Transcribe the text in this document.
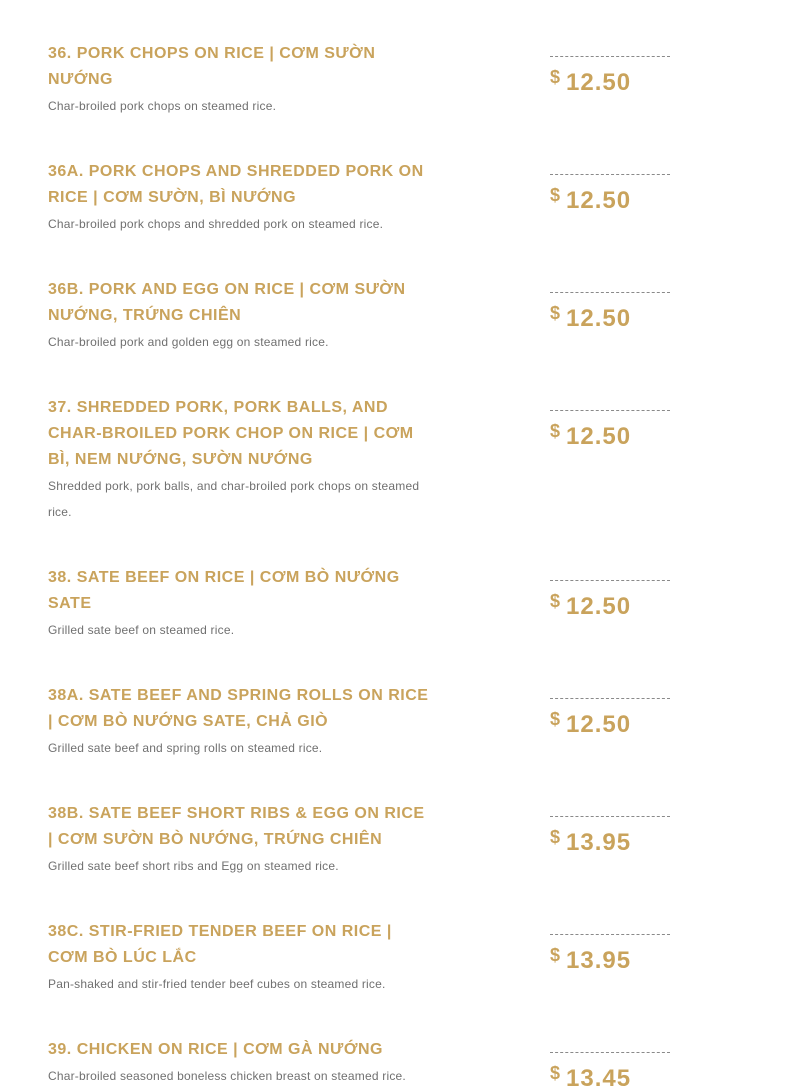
36. PORK CHOPS ON RICE | CƠM SƯỜN NƯỚNG

Char-broiled pork chops on steamed rice.

$ 12.50
36A. PORK CHOPS AND SHREDDED PORK ON RICE | CƠM SƯỜN, BÌ NƯỚNG

Char-broiled pork chops and shredded pork on steamed rice.

$ 12.50
36B. PORK AND EGG ON RICE | CƠM SƯỜN NƯỚNG, TRỨNG CHIÊN

Char-broiled pork and golden egg on steamed rice.

$ 12.50
37. SHREDDED PORK, PORK BALLS, AND CHAR-BROILED PORK CHOP ON RICE | CƠM BÌ, NEM NƯỚNG, SƯỜN NƯỚNG

Shredded pork, pork balls, and char-broiled pork chops on steamed rice.

$ 12.50
38. SATE BEEF ON RICE | CƠM BÒ NƯỚNG SATE

Grilled sate beef on steamed rice.

$ 12.50
38A. SATE BEEF AND SPRING ROLLS ON RICE | CƠM BÒ NƯỚNG SATE, CHẢ GIÒ

Grilled sate beef and spring rolls on steamed rice.

$ 12.50
38B. SATE BEEF SHORT RIBS & EGG ON RICE | CƠM SƯỜN BÒ NƯỚNG, TRỨNG CHIÊN

Grilled sate beef short ribs and Egg on steamed rice.

$ 13.95
38C. STIR-FRIED TENDER BEEF ON RICE | CƠM BÒ LÚC LẮC

Pan-shaked and stir-fried tender beef cubes on steamed rice.

$ 13.95
39. CHICKEN ON RICE | CƠM GÀ NƯỚNG

Char-broiled seasoned boneless chicken breast on steamed rice.	$ 13.45
